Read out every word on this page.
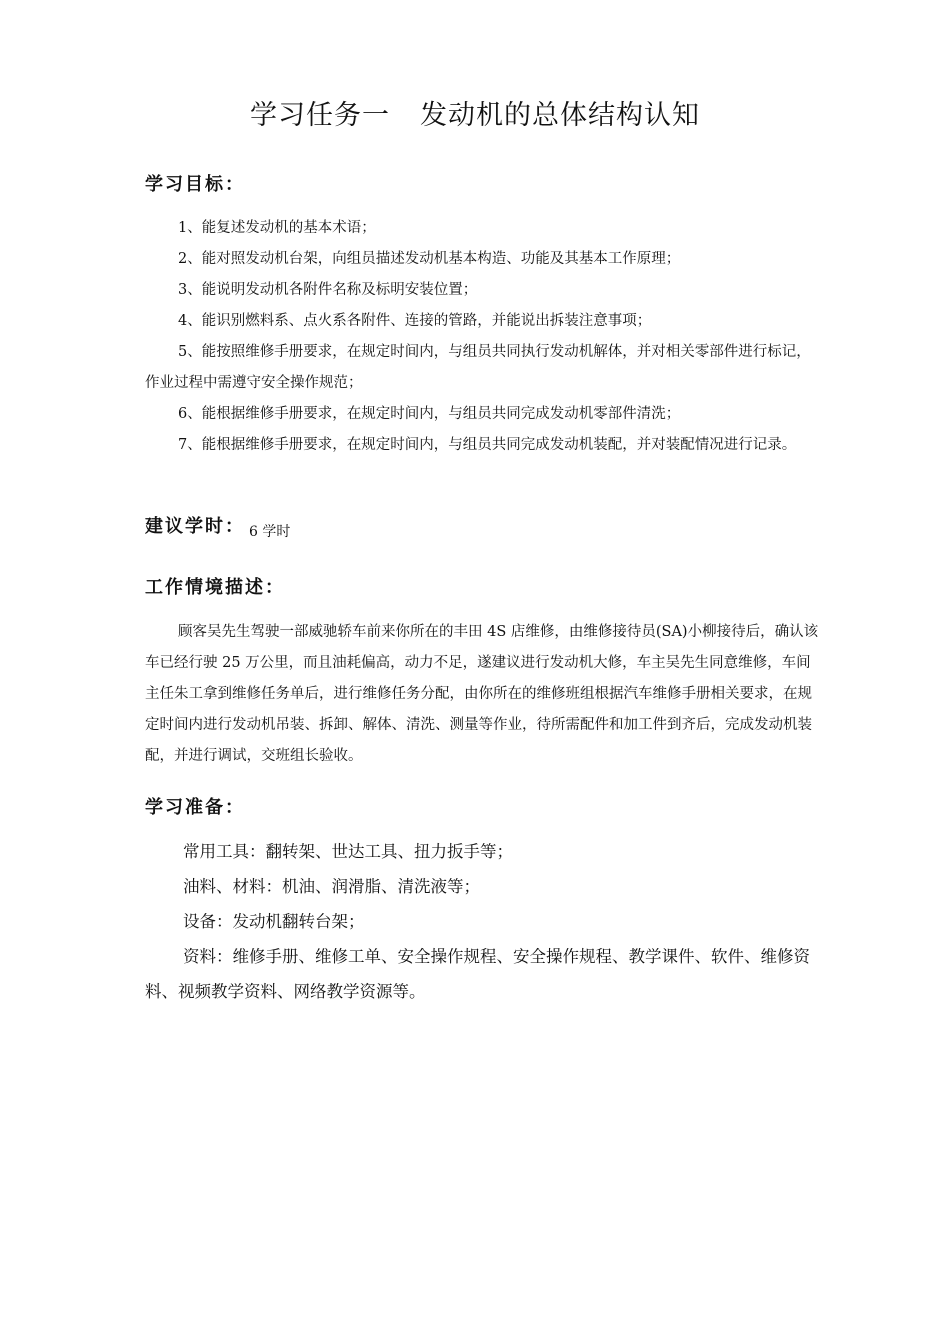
学习任务一 发动机的总体结构认知
学习目标：

1、能复述发动机的基本术语；

2、能对照发动机台架，向组员描述发动机基本构造、功能及其基本工作原理；

3、能说明发动机各附件名称及标明安装位置；

4、能识别燃料系、点火系各附件、连接的管路，并能说出拆装注意事项；

5、能按照维修手册要求，在规定时间内，与组员共同执行发动机解体，并对相关零部件进行标记，作业过程中需遵守安全操作规范；

6、能根据维修手册要求，在规定时间内，与组员共同完成发动机零部件清洗；

7、能根据维修手册要求，在规定时间内，与组员共同完成发动机装配，并对装配情况进行记录。

建议学时： $_{6 学时}$
工作情境描述：

顾客吴先生驾驶一部威驰轿车前来你所在的丰田 4S 店维修，由维修接待员(SA)小柳接待后，确认该车已经行驶 25 万公里，而且油耗偏高，动力不足，遂建议进行发动机大修，车主吴先生同意维修，车间主任朱工拿到维修任务单后，进行维修任务分配，由你所在的维修班组根据汽车维修手册相关要求，在规定时间内进行发动机吊装、拆卸、解体、清洗、测量等作业，待所需配件和加工件到齐后，完成发动机装配，并进行调试，交班组长验收。

学习准备：

常用工具：翻转架、世达工具、扭力扳手等；

油料、材料：机油、润滑脂、清洗液等；

设备：发动机翻转台架；

资料：维修手册、维修工单、安全操作规程、安全操作规程、教学课件、软件、维修资料、视频教学资料、网络教学资源等。
